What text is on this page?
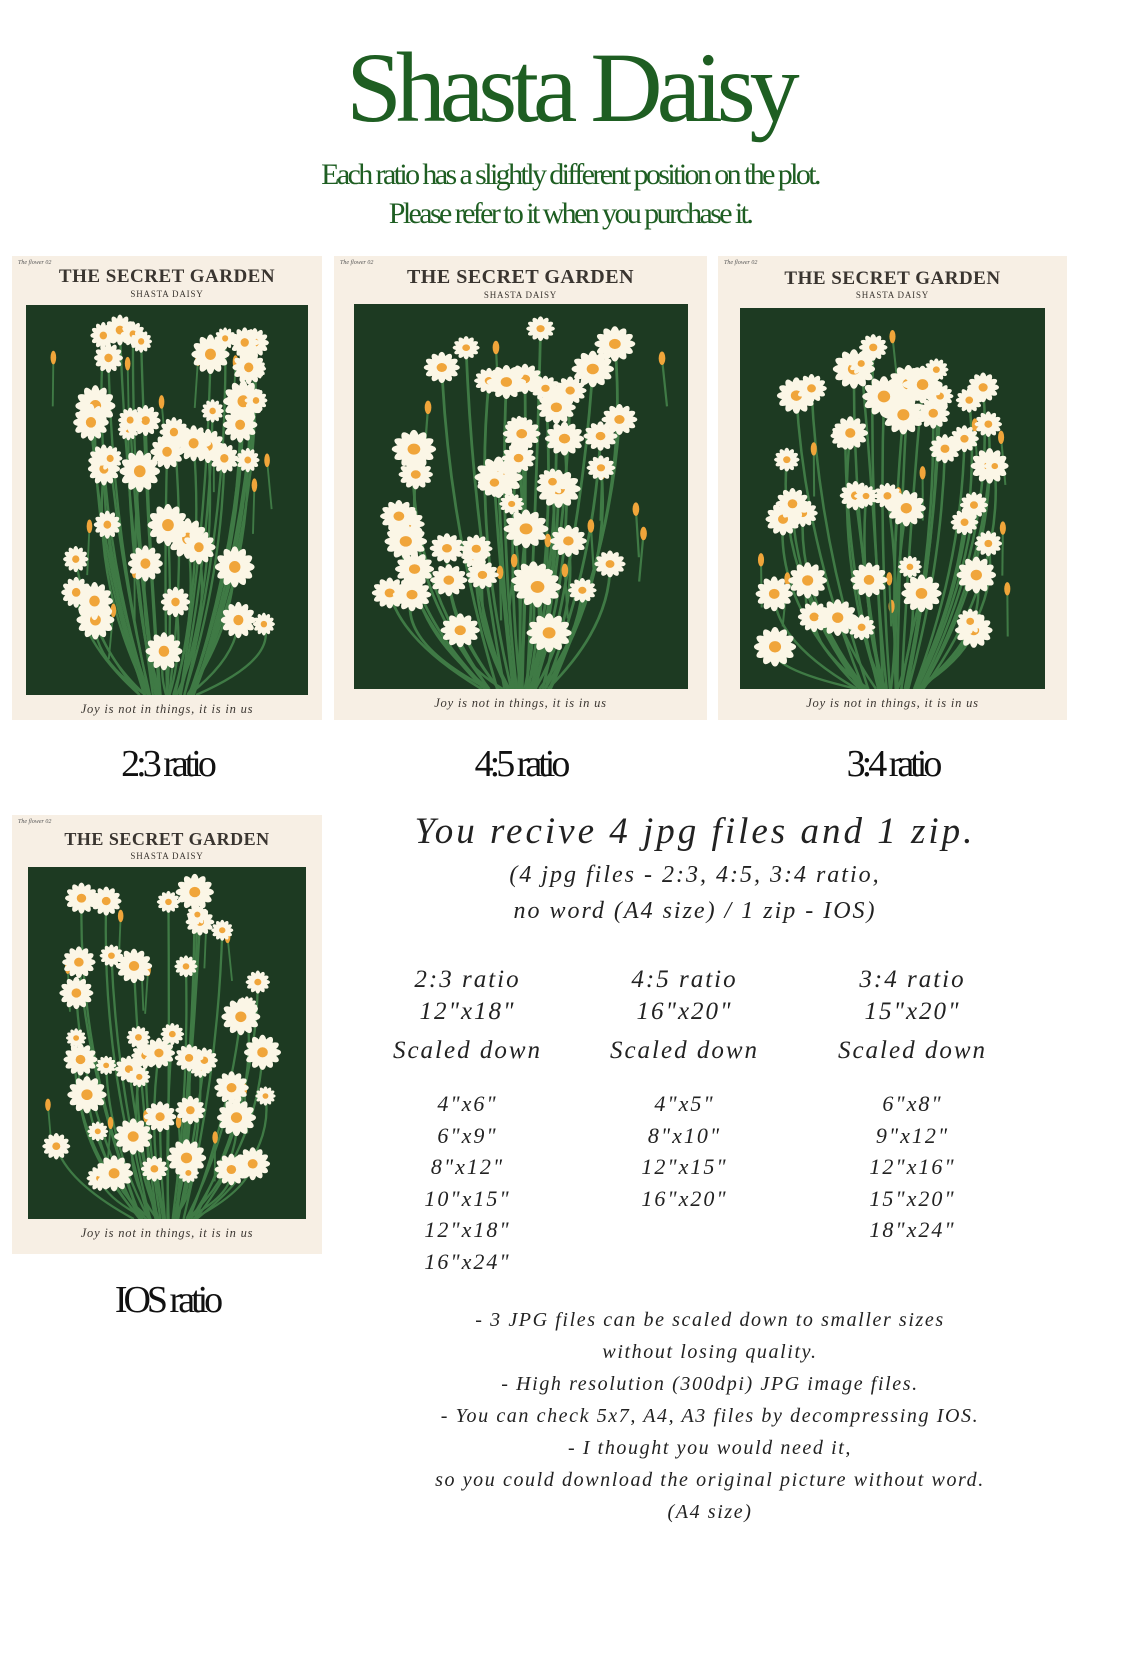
Shasta Daisy
Each ratio has a slightly different position on the plot.
Please refer to it when you purchase it.
The flower 02
THE SECRET GARDEN
SHASTA DAISY
Joy is not in things, it is in us
The flower 02
THE SECRET GARDEN
SHASTA DAISY
Joy is not in things, it is in us
The flower 02
THE SECRET GARDEN
SHASTA DAISY
Joy is not in things, it is in us
The flower 02
THE SECRET GARDEN
SHASTA DAISY
Joy is not in things, it is in us
2:3 ratio	4:5 ratio	3:4 ratio
IOS ratio
You recive 4 jpg files and 1 zip.
(4 jpg files - 2:3, 4:5, 3:4 ratio,
no word (A4 size) / 1 zip - IOS)
2:3 ratio
12"x18"
Scaled down
4"x6"
6"x9"
8"x12"
10"x15"
12"x18"
16"x24"
4:5 ratio
16"x20"
Scaled down
4"x5"
8"x10"
12"x15"
16"x20"
3:4 ratio
15"x20"
Scaled down
6"x8"
9"x12"
12"x16"
15"x20"
18"x24"
- 3 JPG files can be scaled down to smaller sizes
without losing quality.
- High resolution (300dpi) JPG image files.
- You can check 5x7, A4, A3 files by decompressing IOS.
- I thought you would need it,
so you could download the original picture without word.
(A4 size)
